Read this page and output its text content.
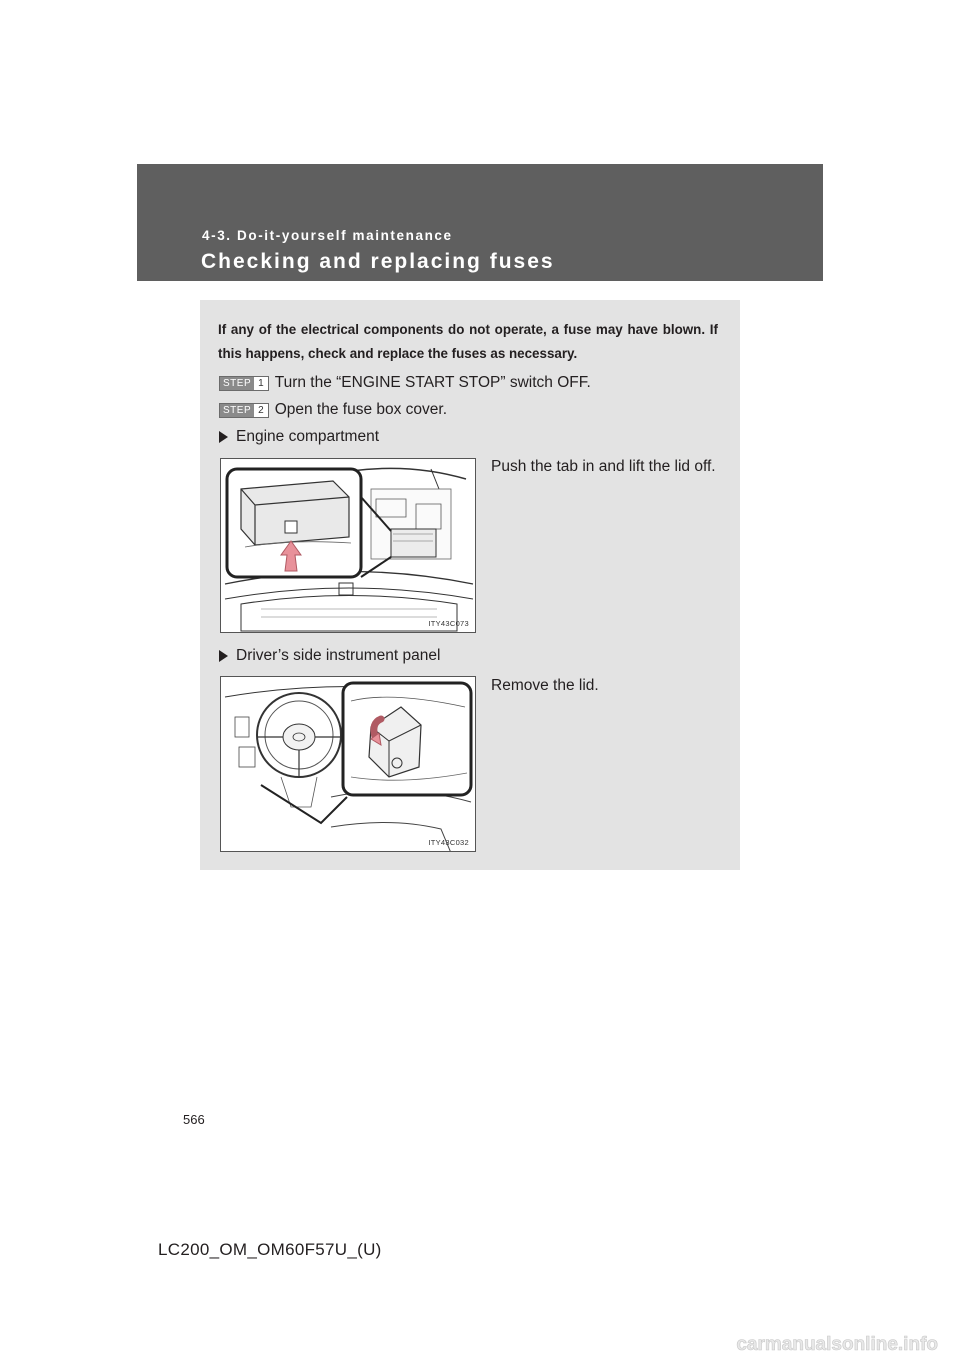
4-3. Do-it-yourself maintenance
Checking and replacing fuses
If any of the electrical components do not operate, a fuse may have blown. If this happens, check and replace the fuses as necessary.
STEP 1 Turn the “ENGINE START STOP” switch OFF.
STEP 2 Open the fuse box cover.
Engine compartment
Push the tab in and lift the lid off.
ITY43C073
Driver’s side instrument panel
Remove the lid.
ITY43C032
566
LC200_OM_OM60F57U_(U)
carmanualsonline.info
